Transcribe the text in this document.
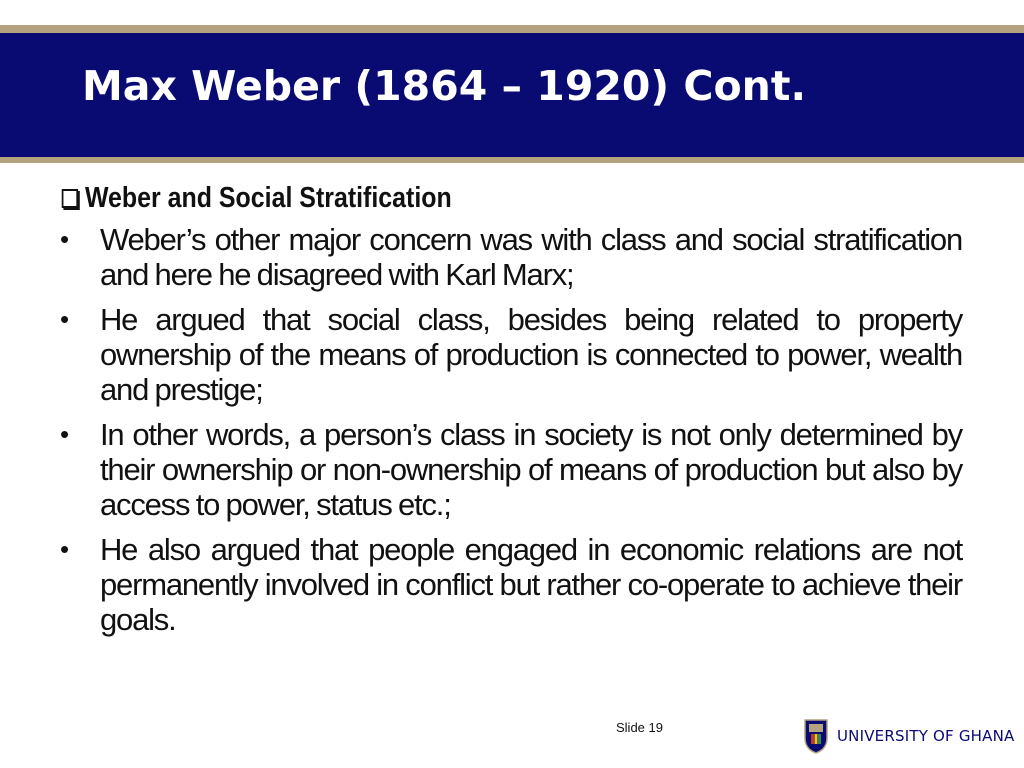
Max Weber (1864 – 1920) Cont.
Weber and Social Stratification
•	Weber’s other major concern was with class and social stratification and here he disagreed with Karl Marx;
•	He argued that social class, besides being related to property ownership of the means of production is connected to power, wealth and prestige;
•	In other words, a person’s class in society is not only determined by their ownership or non-ownership of means of production but also by access to power, status etc.;
•	He also argued that people engaged in economic relations are not permanently involved in conflict but rather co-operate to achieve their goals.
Slide 19	UNIVERSITY OF GHANA
